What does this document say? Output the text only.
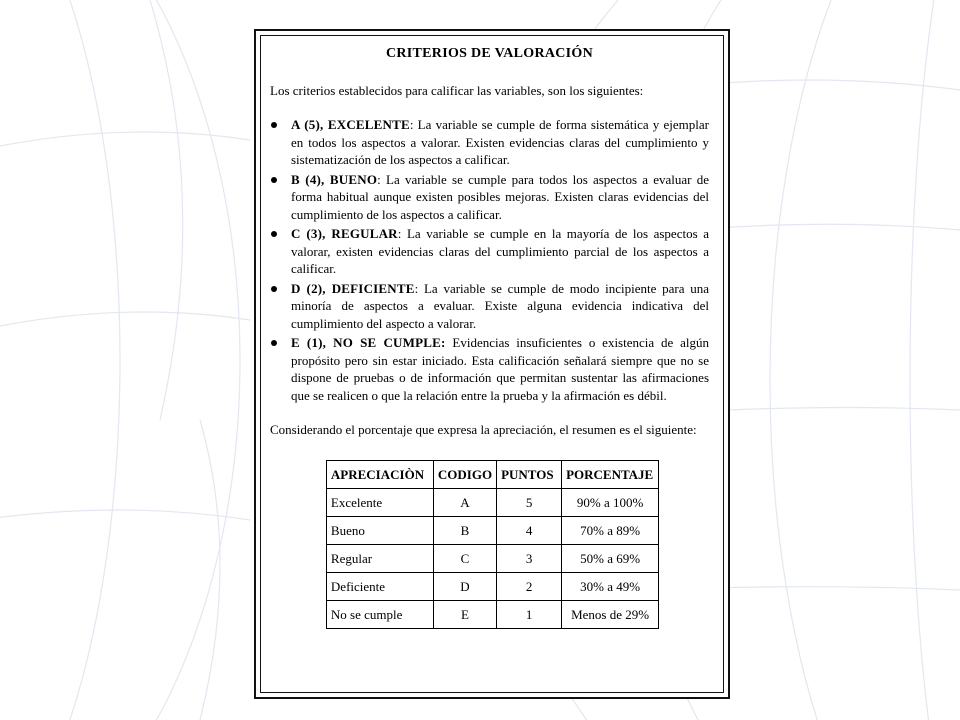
CRITERIOS DE VALORACIÓN

Los criterios establecidos para calificar las variables, son los siguientes:

A (5), EXCELENTE: La variable se cumple de forma sistemática y ejemplar en todos los aspectos a valorar. Existen evidencias claras del cumplimiento y sistematización de los aspectos a calificar.
B (4), BUENO: La variable se cumple para todos los aspectos a evaluar de forma habitual aunque existen posibles mejoras. Existen claras evidencias del cumplimiento de los aspectos a calificar.
C (3), REGULAR: La variable se cumple en la mayoría de los aspectos a valorar, existen evidencias claras del cumplimiento parcial de los aspectos a calificar.
D (2), DEFICIENTE: La variable se cumple de modo incipiente para una minoría de aspectos a evaluar. Existe alguna evidencia indicativa del cumplimiento del aspecto a valorar.
E (1), NO SE CUMPLE: Evidencias insuficientes o existencia de algún propósito pero sin estar iniciado. Esta calificación señalará siempre que no se dispone de pruebas o de información que permitan sustentar las afirmaciones que se realicen o que la relación entre la prueba y la afirmación es débil.

Considerando el porcentaje que expresa la apreciación, el resumen es el siguiente:

APRECIACIÒN	CODIGO	PUNTOS	PORCENTAJE
Excelente	A	5	90% a 100%
Bueno	B	4	70% a 89%
Regular	C	3	50% a 69%
Deficiente	D	2	30% a 49%
No se cumple	E	1	Menos de 29%
